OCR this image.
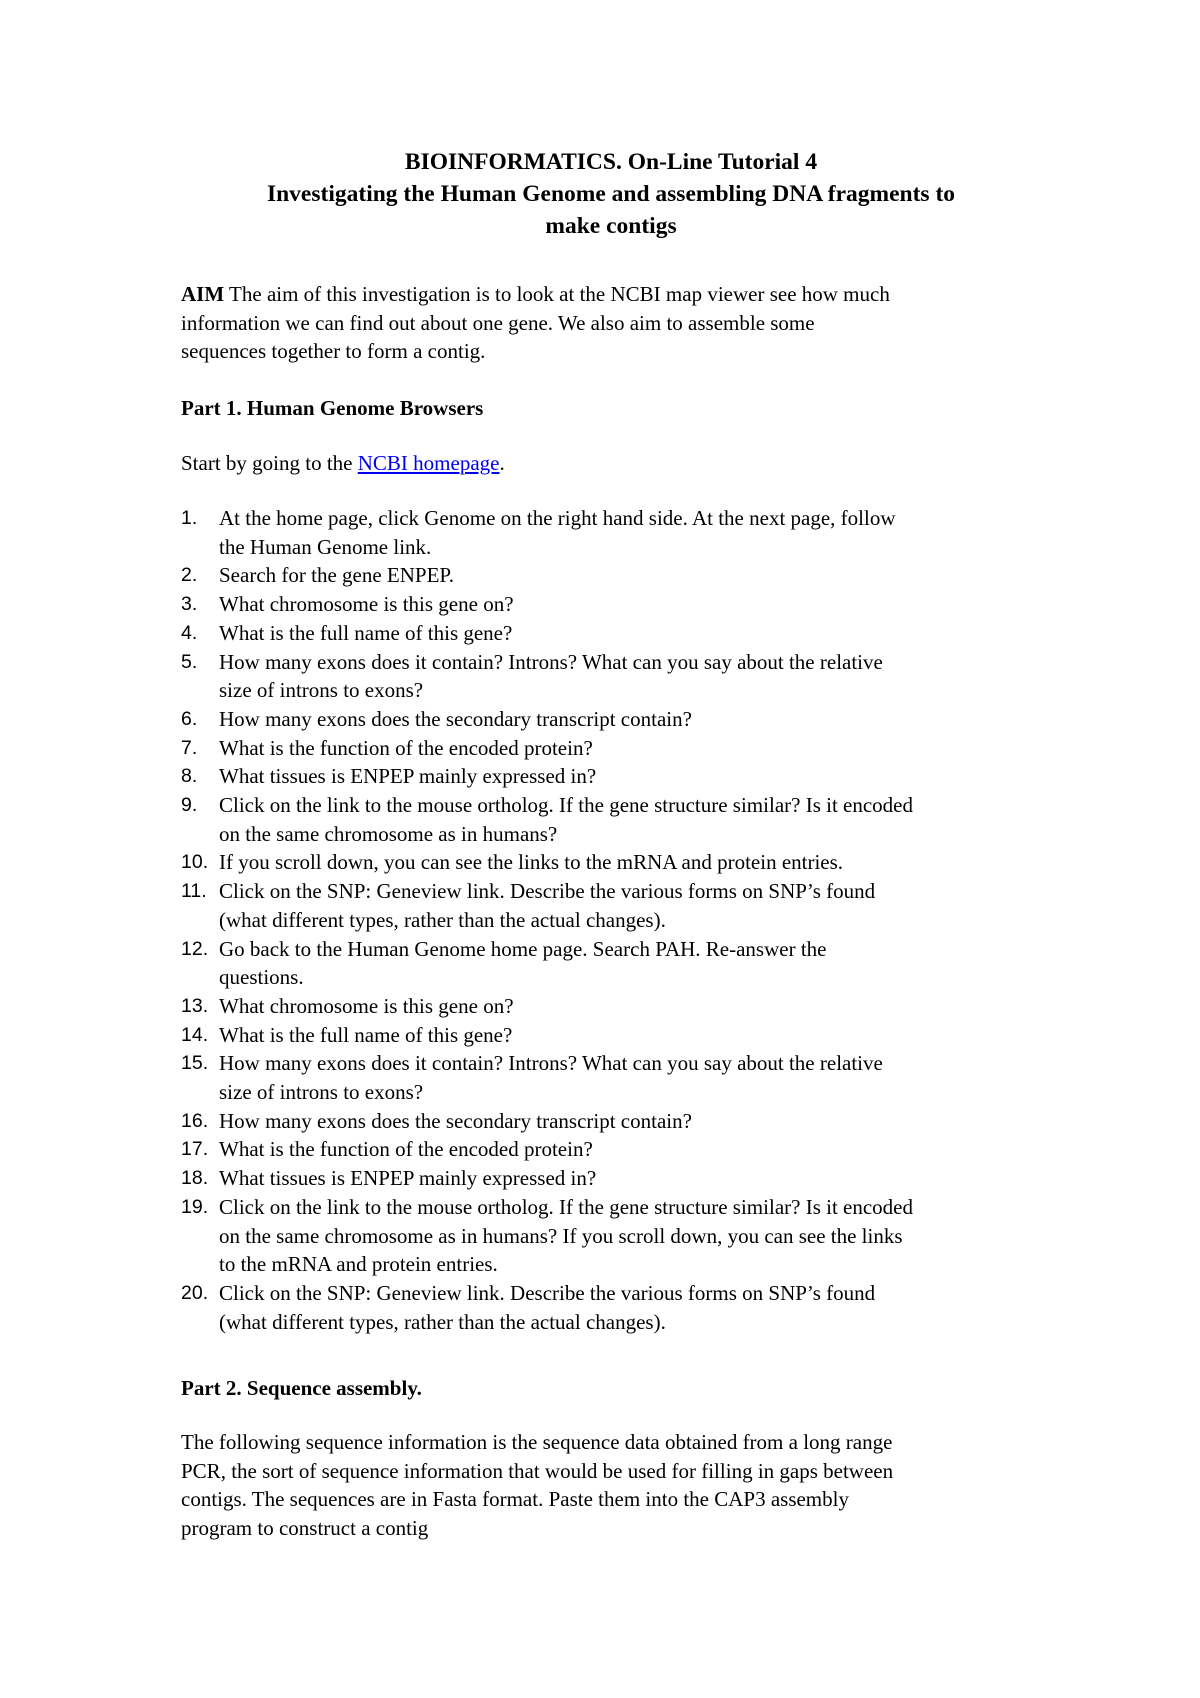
BIOINFORMATICS. On-Line Tutorial 4
Investigating the Human Genome and assembling DNA fragments to
make contigs
AIM The aim of this investigation is to look at the NCBI map viewer see how much
information we can find out about one gene. We also aim to assemble some
sequences together to form a contig.
Part 1. Human Genome Browsers
Start by going to the NCBI homepage.
1.	At the home page, click Genome on the right hand side. At the next page, follow
the Human Genome link.
2.	Search for the gene ENPEP.
3.	What chromosome is this gene on?
4.	What is the full name of this gene?
5.	How many exons does it contain? Introns? What can you say about the relative
size of introns to exons?
6.	How many exons does the secondary transcript contain?
7.	What is the function of the encoded protein?
8.	What tissues is ENPEP mainly expressed in?
9.	Click on the link to the mouse ortholog. If the gene structure similar? Is it encoded
on the same chromosome as in humans?
10. If you scroll down, you can see the links to the mRNA and protein entries.
11. Click on the SNP: Geneview link. Describe the various forms on SNP’s found
(what different types, rather than the actual changes).
12. Go back to the Human Genome home page. Search PAH. Re-answer the
questions.
13. What chromosome is this gene on?
14. What is the full name of this gene?
15. How many exons does it contain? Introns? What can you say about the relative
size of introns to exons?
16. How many exons does the secondary transcript contain?
17. What is the function of the encoded protein?
18. What tissues is ENPEP mainly expressed in?
19. Click on the link to the mouse ortholog. If the gene structure similar? Is it encoded
on the same chromosome as in humans? If you scroll down, you can see the links
to the mRNA and protein entries.
20. Click on the SNP: Geneview link. Describe the various forms on SNP’s found
(what different types, rather than the actual changes).
Part 2. Sequence assembly.
The following sequence information is the sequence data obtained from a long range
PCR, the sort of sequence information that would be used for filling in gaps between
contigs. The sequences are in Fasta format. Paste them into the CAP3 assembly
program to construct a contig
